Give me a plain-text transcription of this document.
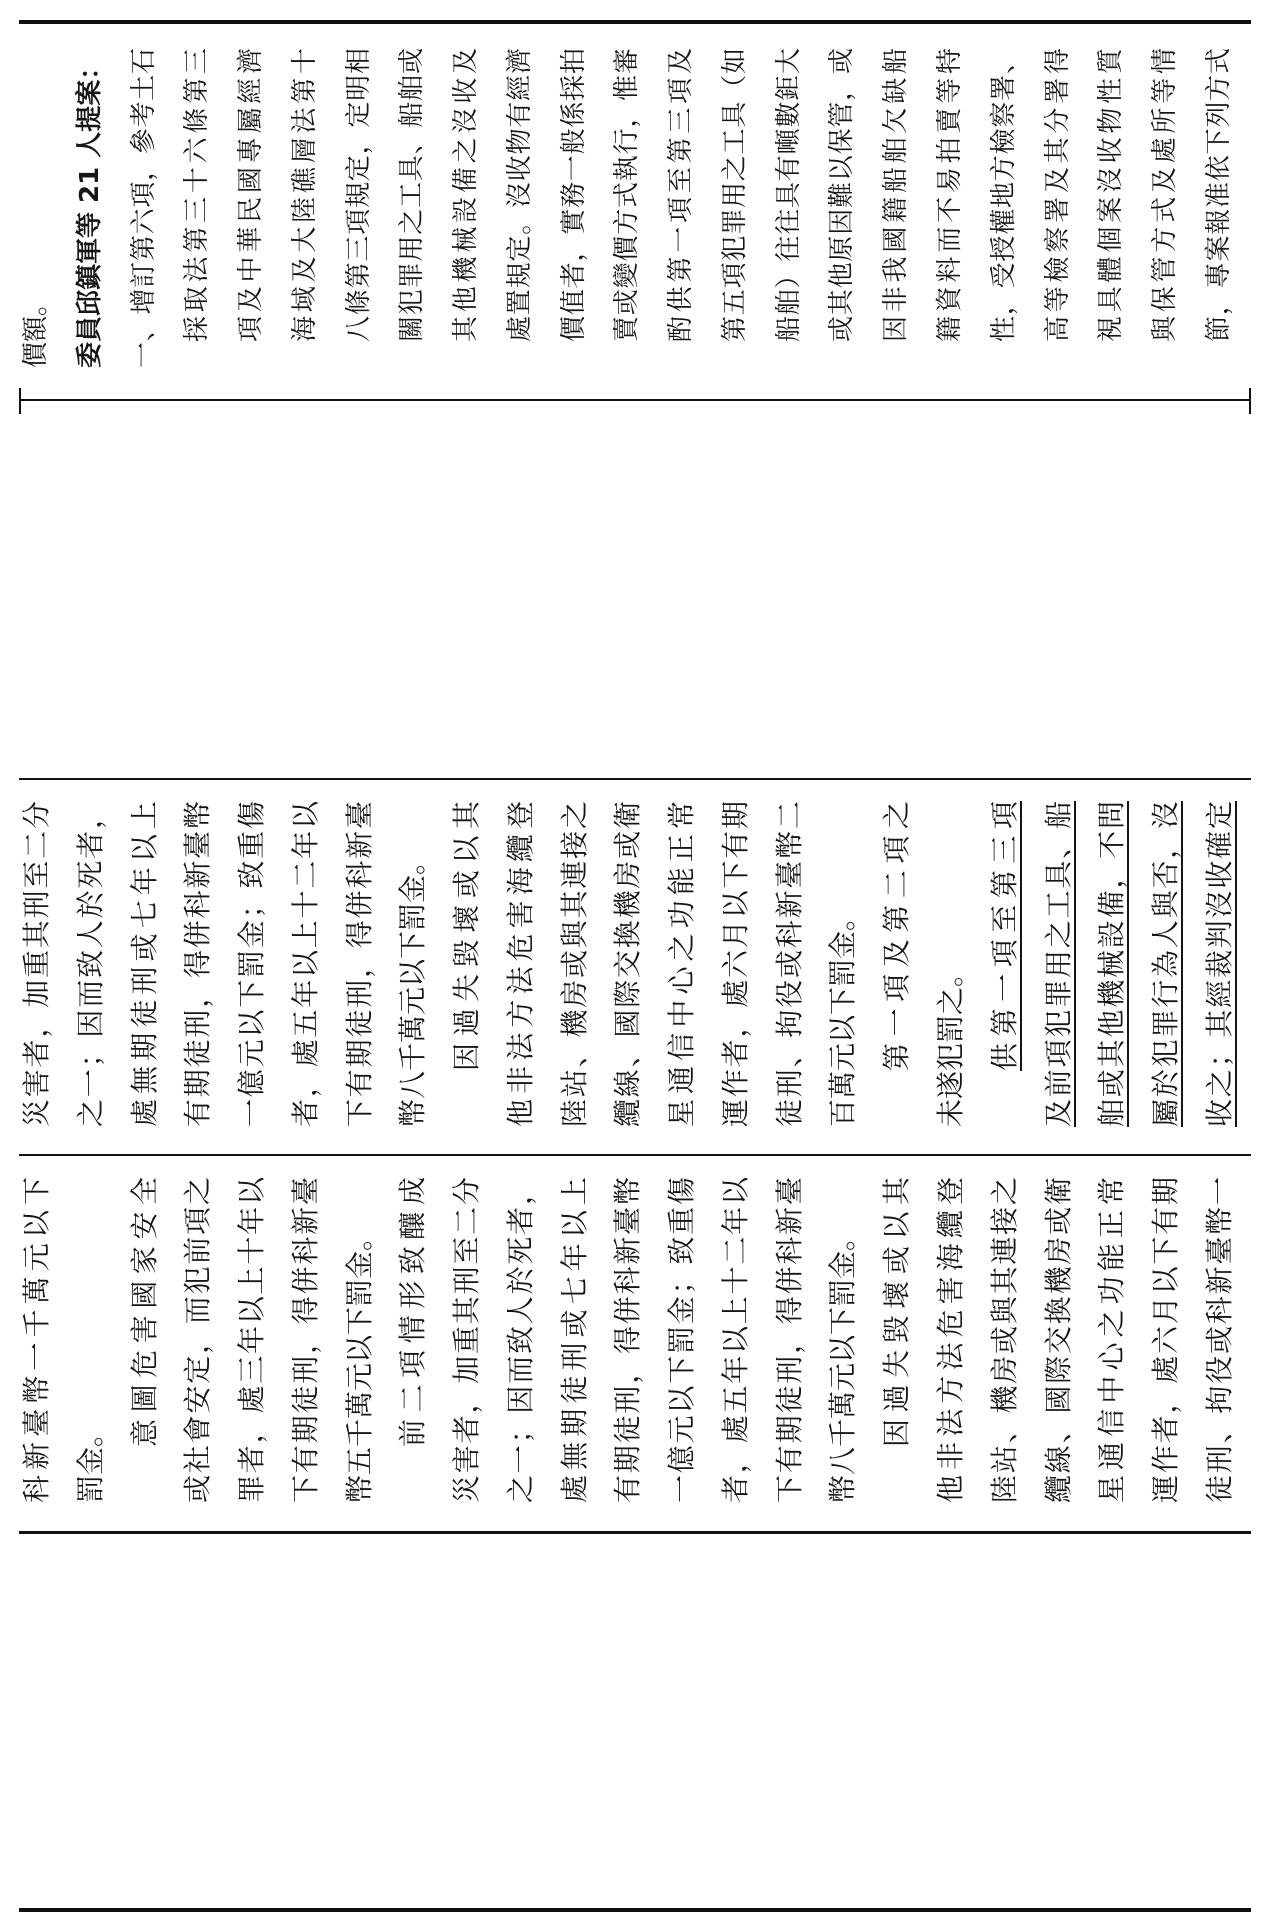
價額。 委員邱鎮軍等 21 人提案： 一、增訂第六項，參考土石 採取法第三十六條第三 項及中華民國專屬經濟 海域及大陸礁層法第十 八條第三項規定，定明相 關犯罪用之工具、船舶或 其他機械設備之沒收及 處置規定。沒收物有經濟 價值者，實務一般係採拍 賣或變價方式執行，惟審 酌供第一項至第三項及 第五項犯罪用之工具（如 船舶）往往具有噸數鉅大 或其他原因難以保管，或 因非我國籍船舶欠缺船 籍資料而不易拍賣等特 性，受授權地方檢察署、 高等檢察署及其分署得 視具體個案沒收物性質 與保管方式及處所等情 節，專案報准依下列方式
災害者，加重其刑至二分 之一；因而致人於死者， 處無期徒刑或七年以上 有期徒刑，得併科新臺幣 一億元以下罰金；致重傷 者，處五年以上十二年以 下有期徒刑，得併科新臺 幣八千萬元以下罰金。 因過失毀壞或以其 他非法方法危害海纜登 陸站、機房或與其連接之 纜線、國際交換機房或衛 星通信中心之功能正常 運作者，處六月以下有期 徒刑、拘役或科新臺幣二 百萬元以下罰金。 第一項及第二項之 未遂犯罰之。 供第一項至第三項 及前項犯罪用之工具、船 舶或其他機械設備，不問 屬於犯罪行為人與否，沒 收之；其經裁判沒收確定
科新臺幣一千萬元以下 罰金。
意圖危害國家安全 或社會安定，而犯前項之 罪者，處三年以上十年以 下有期徒刑，得併科新臺 幣五千萬元以下罰金。 前二項情形致釀成 災害者，加重其刑至二分 之一；因而致人於死者， 處無期徒刑或七年以上 有期徒刑，得併科新臺幣 一億元以下罰金；致重傷 者，處五年以上十二年以 下有期徒刑，得併科新臺 幣八千萬元以下罰金。 因過失毀壞或以其 他非法方法危害海纜登 陸站、機房或與其連接之 纜線、國際交換機房或衛 星通信中心之功能正常 運作者，處六月以下有期 徒刑、拘役或科新臺幣一
